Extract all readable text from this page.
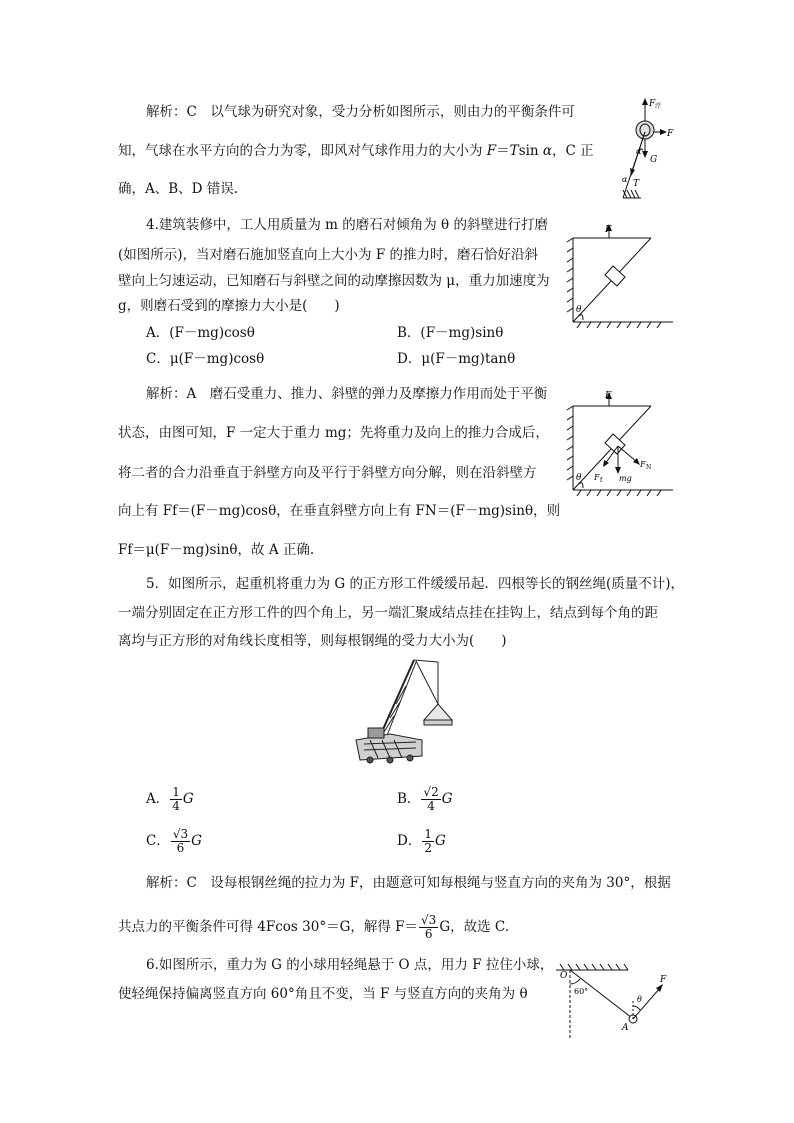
解析：C　以气球为研究对象，受力分析如图所示，则由力的平衡条件可
知，气球在水平方向的合力为零，即风对气球作用力的大小为 F＝Tsin α，C 正
确，A、B、D 错误.
F 浮
F
G
T
α
α
4.建筑装修中，工人用质量为 m 的磨石对倾角为 θ 的斜壁进行打磨
(如图所示)，当对磨石施加竖直向上大小为 F 的推力时，磨石恰好沿斜
壁向上匀速运动，已知磨石与斜壁之间的动摩擦因数为 μ，重力加速度为
g，则磨石受到的摩擦力大小是(　　)
A．(F－mg)cosθ	B．(F－mg)sinθ
C．μ(F－mg)cosθ	D．μ(F－mg)tanθ
F
θ
解析：A　磨石受重力、推力、斜壁的弹力及摩擦力作用而处于平衡
状态，由图可知，F 一定大于重力 mg；先将重力及向上的推力合成后，
将二者的合力沿垂直于斜壁方向及平行于斜壁方向分解，则在沿斜壁方
向上有 Ff＝(F－mg)cosθ，在垂直斜壁方向上有 FN＝(F－mg)sinθ，则
Ff＝μ(F－mg)sinθ，故 A 正确.
F
θ
F N
F f mg
5．如图所示，起重机将重力为 G 的正方形工件缓缓吊起．四根等长的钢丝绳(质量不计)，
一端分别固定在正方形工件的四个角上，另一端汇聚成结点挂在挂钩上，结点到每个角的距
离均与正方形的对角线长度相等，则每根钢绳的受力大小为(　　)
A． $\frac{1}{4}$ G	B． $\frac{√2}{4}$ G
C． $\frac{√3}{6}$ G	D． $\frac{1}{2}$ G
解析：C　设每根钢丝绳的拉力为 F，由题意可知每根绳与竖直方向的夹角为 30°，根据
共点力的平衡条件可得 4Fcos 30°＝G，解得 $F= \frac{√3}{6}$ G，故选 C.
6.如图所示，重力为 G 的小球用轻绳悬于 O 点，用力 F 拉住小球，
使轻绳保持偏离竖直方向 60°角且不变，当 F 与竖直方向的夹角为 θ
O
60°
θ
F
A
